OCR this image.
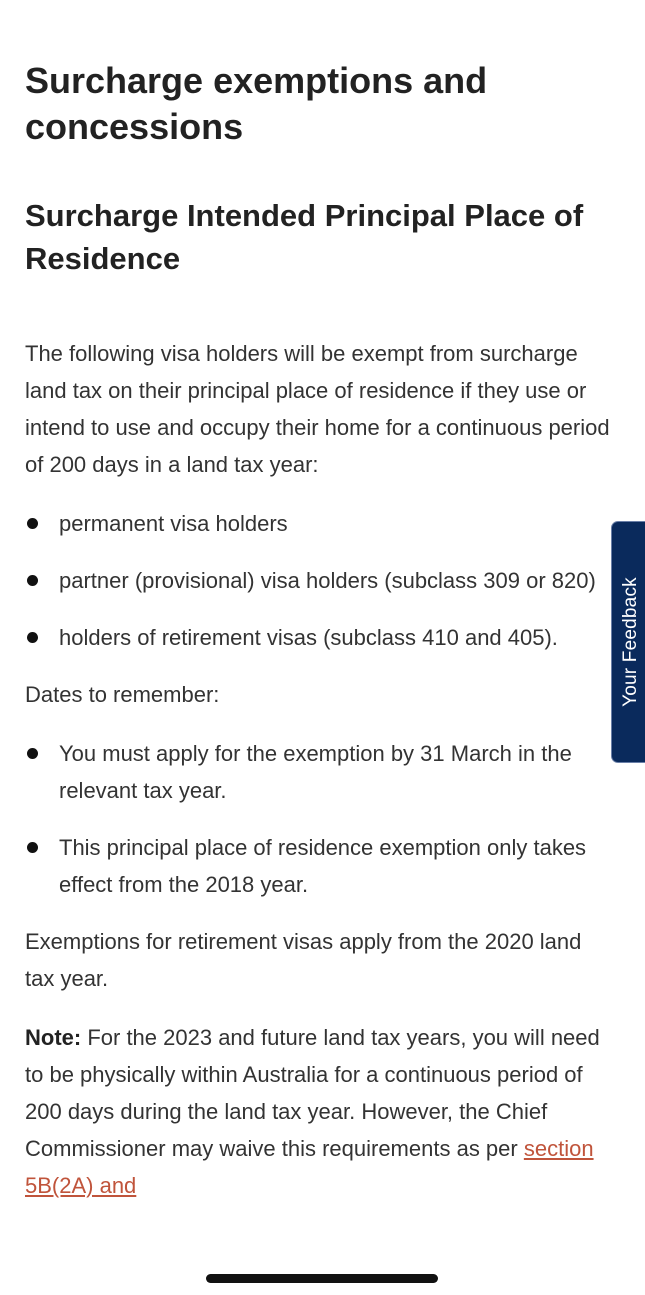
Surcharge exemptions and concessions
Surcharge Intended Principal Place of Residence

The following visa holders will be exempt from surcharge land tax on their principal place of residence if they use or intend to use and occupy their home for a continuous period of 200 days in a land tax year:

permanent visa holders
partner (provisional) visa holders (subclass 309 or 820)
holders of retirement visas (subclass 410 and 405).

Dates to remember:

You must apply for the exemption by 31 March in the relevant tax year.
This principal place of residence exemption only takes effect from the 2018 year.

Exemptions for retirement visas apply from the 2020 land tax year.

Note: For the 2023 and future land tax years, you will need to be physically within Australia for a continuous period of 200 days during the land tax year. However, the Chief Commissioner may waive this requirements as per section 5B(2A) and

Your Feedback
